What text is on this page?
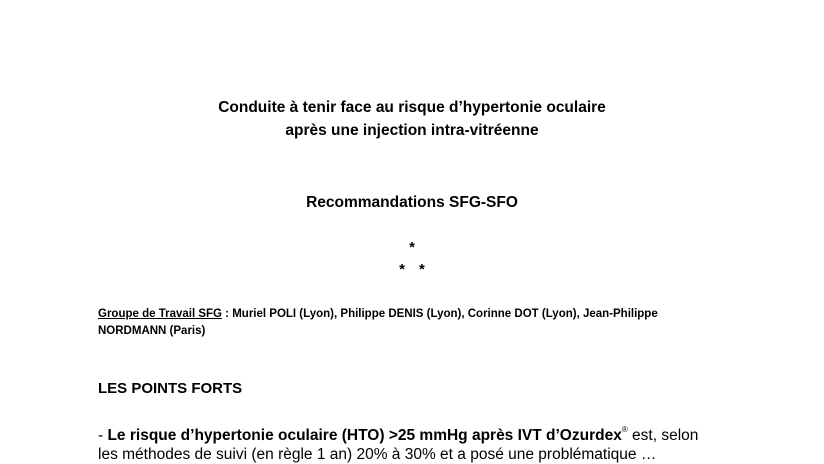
Conduite à tenir face au risque d’hypertonie oculaire
après une injection intra-vitréenne
Recommandations SFG-SFO
*
* *
Groupe de Travail SFG : Muriel POLI (Lyon), Philippe DENIS (Lyon), Corinne DOT (Lyon), Jean-Philippe
NORDMANN (Paris)
LES POINTS FORTS
- Le risque d’hypertonie oculaire (HTO) >25 mmHg après IVT d’Ozurdex® est, selon
les méthodes de suivi (en règle 1 an) 20% à 30% et a posé une problématique …
